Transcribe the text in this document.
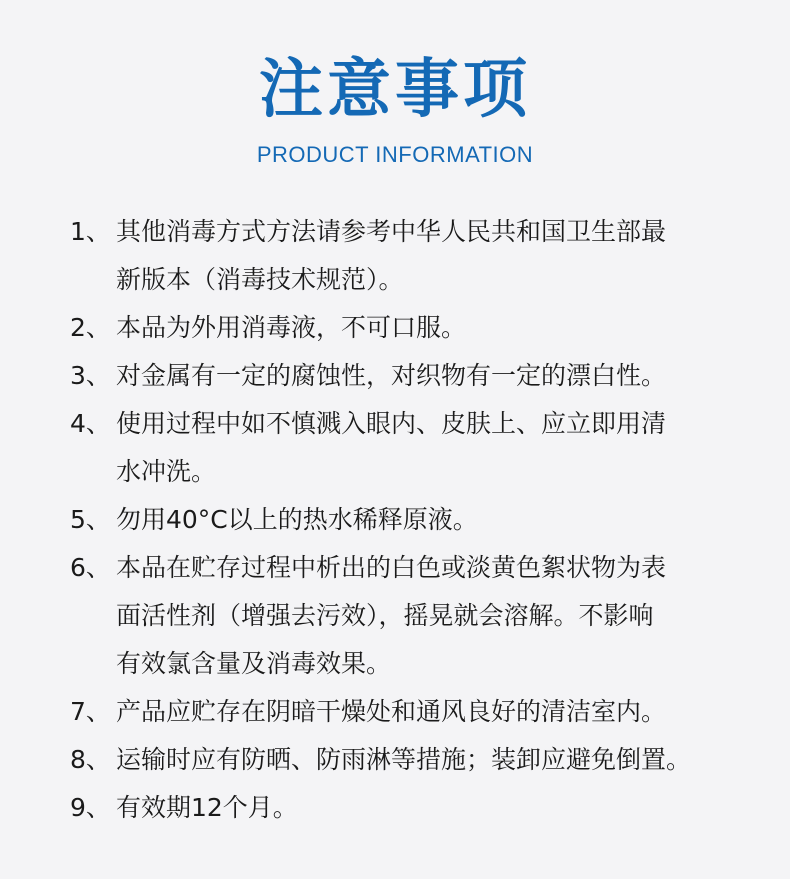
注意事项

PRODUCT INFORMATION

1、 其他消毒方式方法请参考中华人民共和国卫生部最
新版本（消毒技术规范）。
2、 本品为外用消毒液，不可口服。
3、 对金属有一定的腐蚀性，对织物有一定的漂白性。
4、 使用过程中如不慎溅入眼内、皮肤上、应立即用清
水冲洗。
5、 勿用40°C以上的热水稀释原液。
6、 本品在贮存过程中析出的白色或淡黄色絮状物为表
面活性剂（增强去污效），摇晃就会溶解。不影响
有效氯含量及消毒效果。
7、 产品应贮存在阴暗干燥处和通风良好的清洁室内。
8、 运输时应有防晒、防雨淋等措施；装卸应避免倒置。
9、 有效期12个月。
